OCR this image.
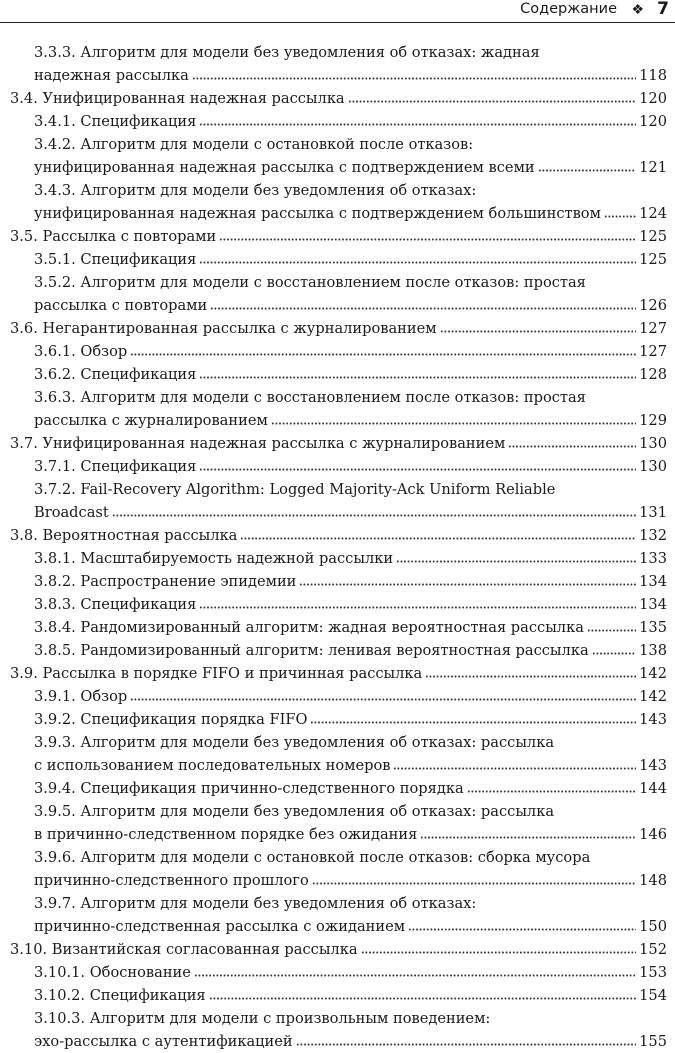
Содержание ❖ 7
3.3.3. Алгоритм для модели без уведомления об отказах: жадная
надежная рассылка	118
3.4. Унифицированная надежная рассылка	120
3.4.1. Спецификация	120
3.4.2. Алгоритм для модели с остановкой после отказов:
унифицированная надежная рассылка с подтверждением всеми	121
3.4.3. Алгоритм для модели без уведомления об отказах:
унифицированная надежная рассылка с подтверждением большинством	124
3.5. Рассылка с повторами	125
3.5.1. Спецификация	125
3.5.2. Алгоритм для модели с восстановлением после отказов: простая
рассылка с повторами	126
3.6. Негарантированная рассылка с журналированием	127
3.6.1. Обзор	127
3.6.2. Спецификация	128
3.6.3. Алгоритм для модели с восстановлением после отказов: простая
рассылка с журналированием	129
3.7. Унифицированная надежная рассылка с журналированием	130
3.7.1. Спецификация	130
3.7.2. Fail-Recovery Algorithm: Logged Majority-Ack Uniform Reliable
Broadcast	131
3.8. Вероятностная рассылка	132
3.8.1. Масштабируемость надежной рассылки	133
3.8.2. Распространение эпидемии	134
3.8.3. Спецификация	134
3.8.4. Рандомизированный алгоритм: жадная вероятностная рассылка	135
3.8.5. Рандомизированный алгоритм: ленивая вероятностная рассылка	138
3.9. Рассылка в порядке FIFO и причинная рассылка	142
3.9.1. Обзор	142
3.9.2. Спецификация порядка FIFO	143
3.9.3. Алгоритм для модели без уведомления об отказах: рассылка
с использованием последовательных номеров	143
3.9.4. Спецификация причинно-следственного порядка	144
3.9.5. Алгоритм для модели без уведомления об отказах: рассылка
в причинно-следственном порядке без ожидания	146
3.9.6. Алгоритм для модели с остановкой после отказов: сборка мусора
причинно-следственного прошлого	148
3.9.7. Алгоритм для модели без уведомления об отказах:
причинно-следственная рассылка с ожиданием	150
3.10. Византийская согласованная рассылка	152
3.10.1. Обоснование	153
3.10.2. Спецификация	154
3.10.3. Алгоритм для модели с произвольным поведением:
эхо-рассылка с аутентификацией	155
